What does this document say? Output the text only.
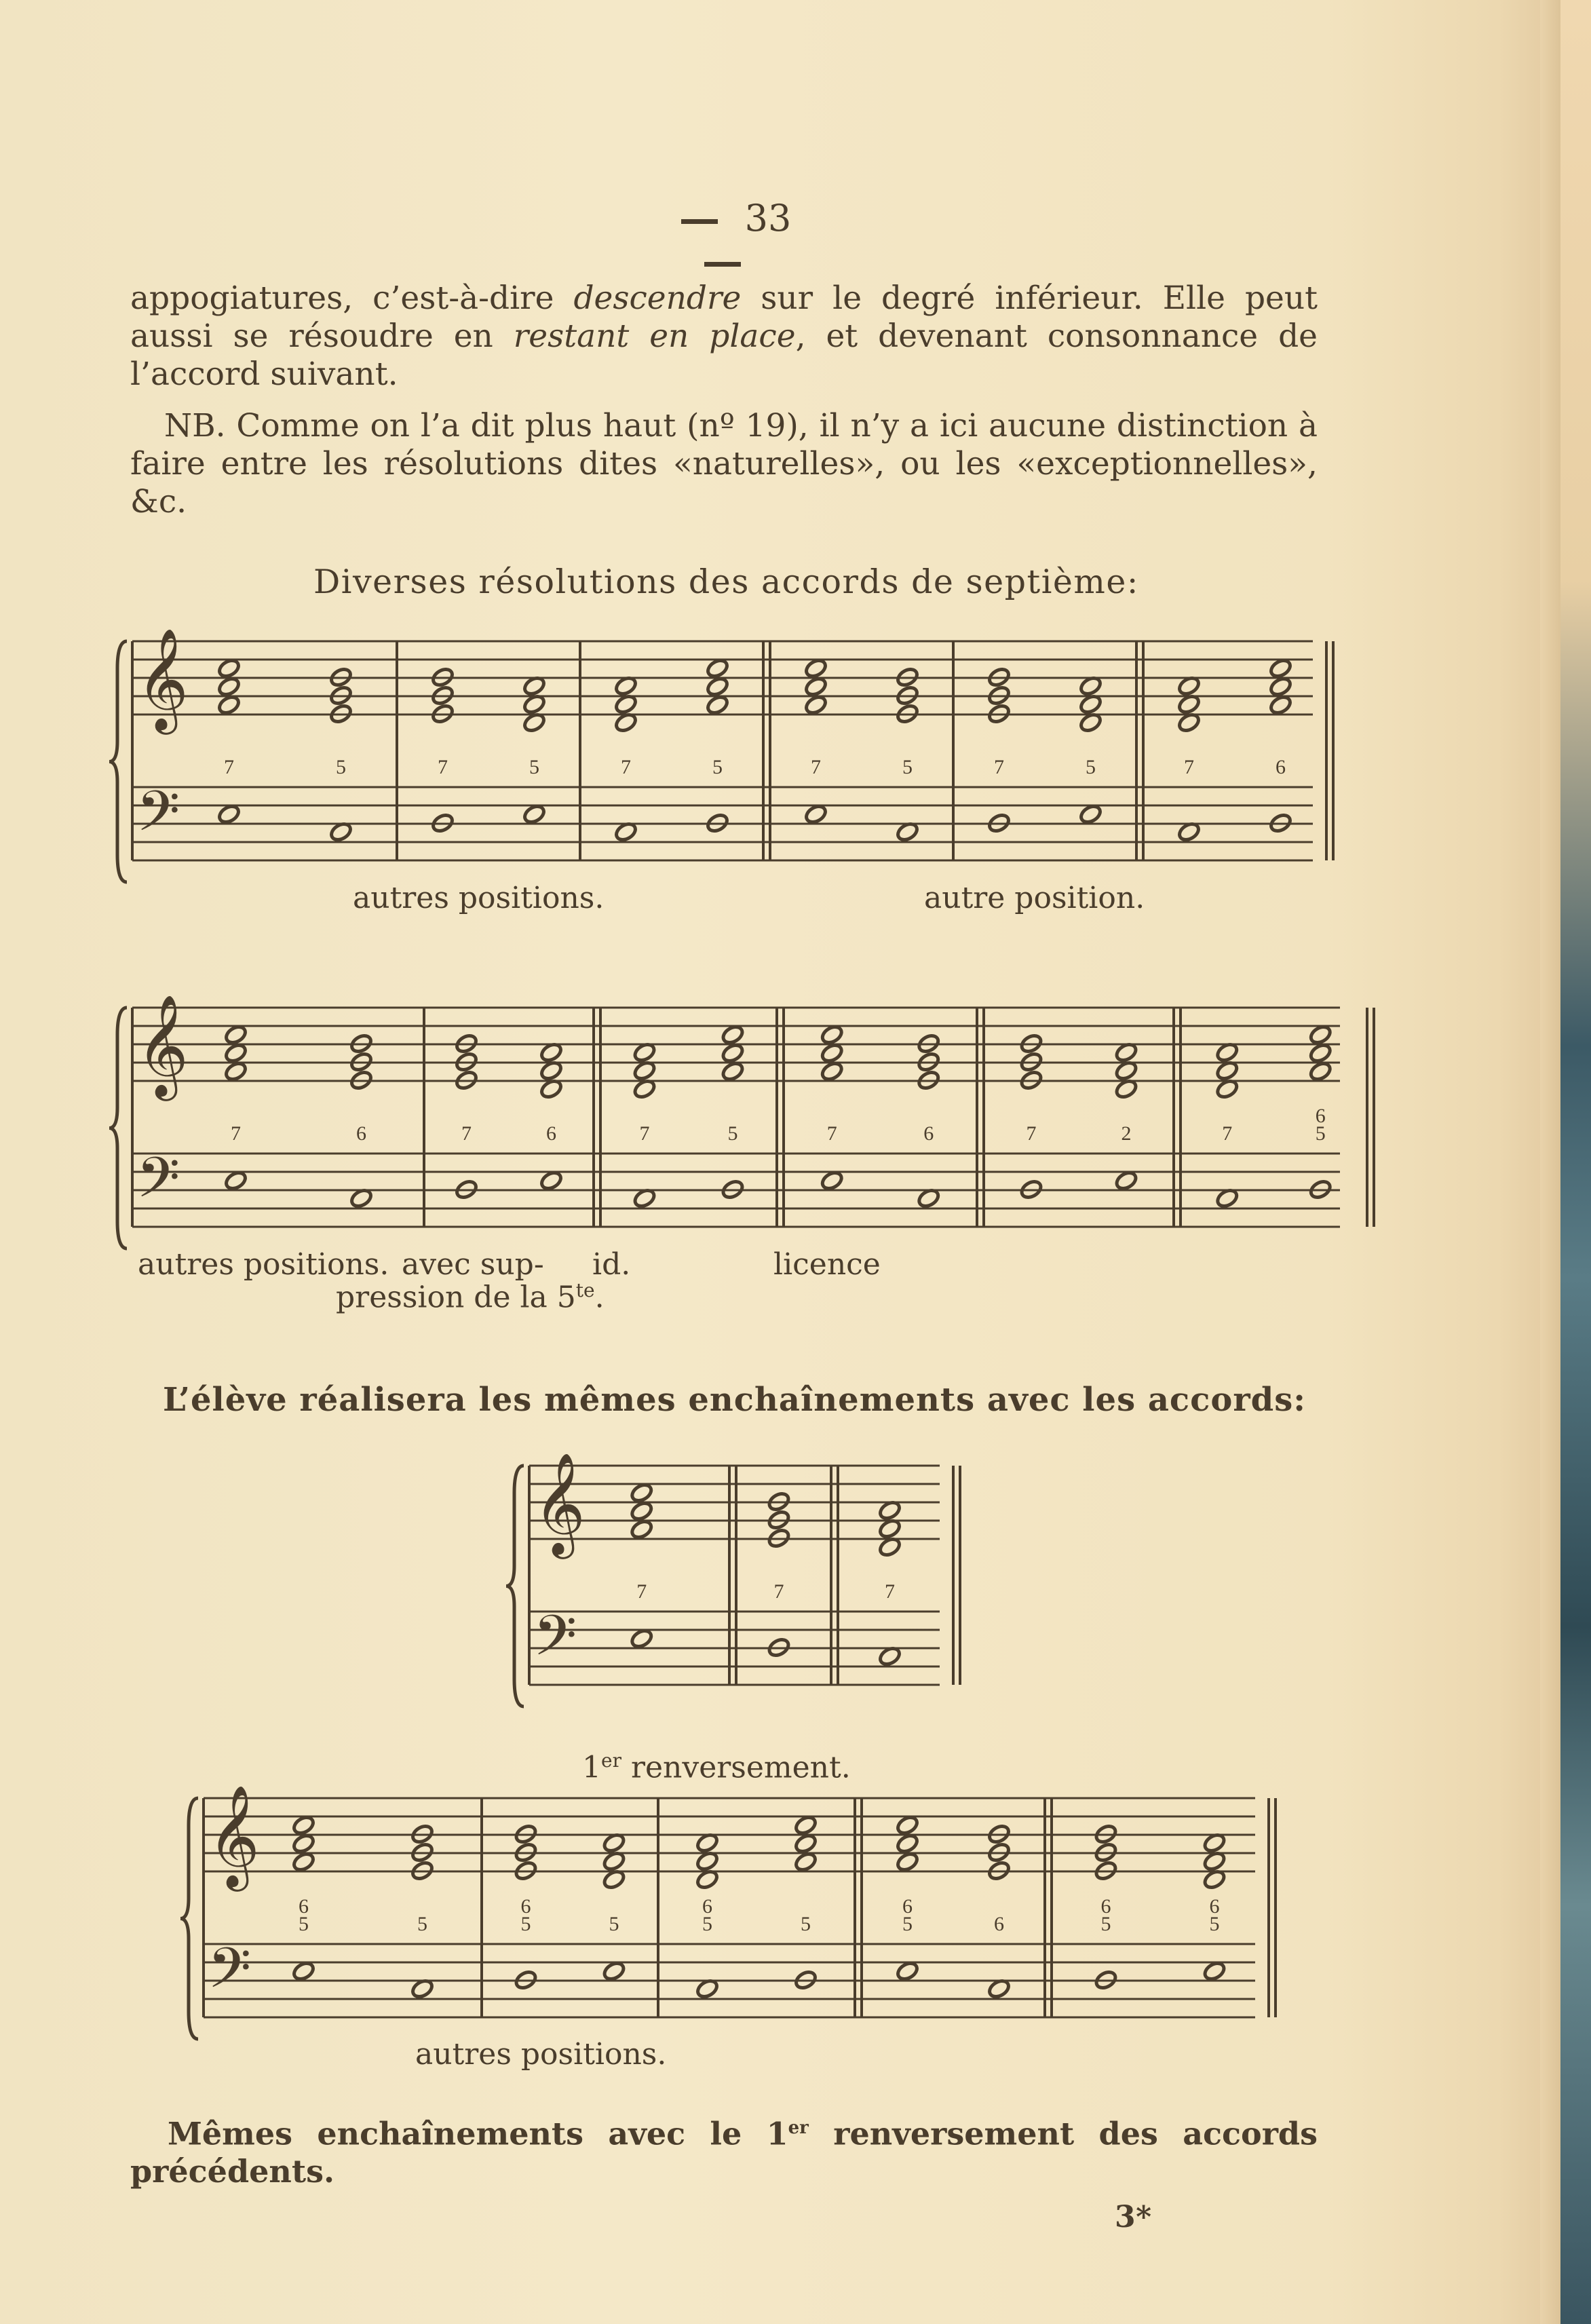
33
appogiatures, c’est-à-dire descendre sur le degré inférieur. Elle peut aussi se résoudre en restant en place, et devenant consonnance de l’accord suivant.
NB. Comme on l’a dit plus haut (nº 19), il n’y a ici aucune distinction à faire entre les résolutions dites «naturelles», ou les «exceptionnelles», &c.
Diverses résolutions des accords de septième:
𝄞
𝄢
7	5	7	5	7	5	7	5	7	5	7	6
autres positions.	autre position.
𝄞
𝄢
7	6	7	6	7	5	7	6	7	2	7
6
5
autres positions. avec sup-
pression de la $5^{te}$.
id.	licence
L’élève réalisera les mêmes enchaînements avec les accords:
𝄞
𝄢
7	7	7
1er renversement.
𝄞
𝄢
6
5	5
6
5	5
6
5	5
6
5	6
6
5
6
5
autres positions.
Mêmes enchaînements avec le 1er renversement des accords précédents.
3*
